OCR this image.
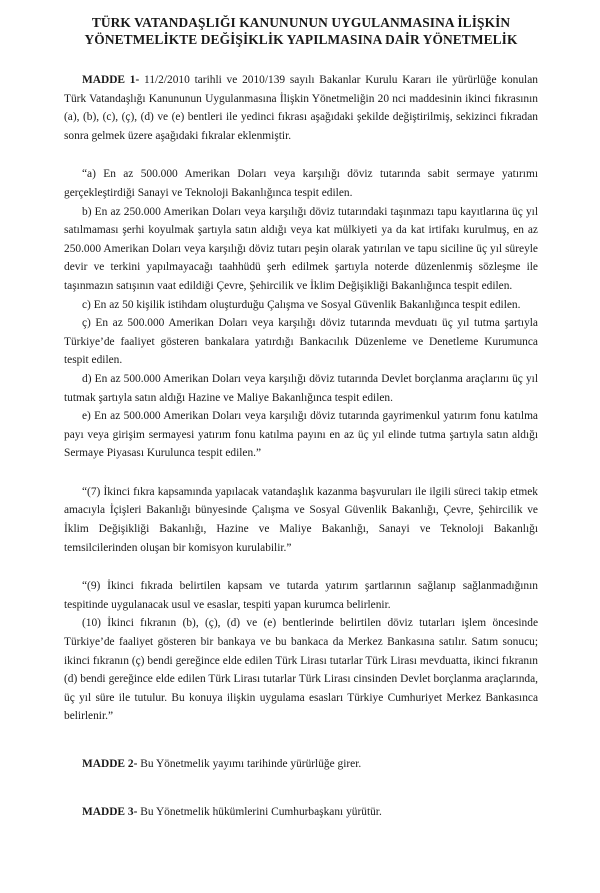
TÜRK VATANDAŞLIĞI KANUNUNUN UYGULANMASINA İLİŞKİN
YÖNETMELİKTE DEĞİŞİKLİK YAPILMASINA DAİR YÖNETMELİK

MADDE 1- 11/2/2010 tarihli ve 2010/139 sayılı Bakanlar Kurulu Kararı ile yürürlüğe konulan Türk Vatandaşlığı Kanununun Uygulanmasına İlişkin Yönetmeliğin 20 nci maddesinin ikinci fıkrasının (a), (b), (c), (ç), (d) ve (e) bentleri ile yedinci fıkrası aşağıdaki şekilde değiştirilmiş, sekizinci fıkradan sonra gelmek üzere aşağıdaki fıkralar eklenmiştir.

“a) En az 500.000 Amerikan Doları veya karşılığı döviz tutarında sabit sermaye yatırımı gerçekleştirdiği Sanayi ve Teknoloji Bakanlığınca tespit edilen.

b) En az 250.000 Amerikan Doları veya karşılığı döviz tutarındaki taşınmazı tapu kayıtlarına üç yıl satılmaması şerhi koyulmak şartıyla satın aldığı veya kat mülkiyeti ya da kat irtifakı kurulmuş, en az 250.000 Amerikan Doları veya karşılığı döviz tutarı peşin olarak yatırılan ve tapu siciline üç yıl süreyle devir ve terkini yapılmayacağı taahhüdü şerh edilmek şartıyla noterde düzenlenmiş sözleşme ile taşınmazın satışının vaat edildiği Çevre, Şehircilik ve İklim Değişikliği Bakanlığınca tespit edilen.

c) En az 50 kişilik istihdam oluşturduğu Çalışma ve Sosyal Güvenlik Bakanlığınca tespit edilen.

ç) En az 500.000 Amerikan Doları veya karşılığı döviz tutarında mevduatı üç yıl tutma şartıyla Türkiye’de faaliyet gösteren bankalara yatırdığı Bankacılık Düzenleme ve Denetleme Kurumunca tespit edilen.

d) En az 500.000 Amerikan Doları veya karşılığı döviz tutarında Devlet borçlanma araçlarını üç yıl tutmak şartıyla satın aldığı Hazine ve Maliye Bakanlığınca tespit edilen.

e) En az 500.000 Amerikan Doları veya karşılığı döviz tutarında gayrimenkul yatırım fonu katılma payı veya girişim sermayesi yatırım fonu katılma payını en az üç yıl elinde tutma şartıyla satın aldığı Sermaye Piyasası Kurulunca tespit edilen.”

“(7) İkinci fıkra kapsamında yapılacak vatandaşlık kazanma başvuruları ile ilgili süreci takip etmek amacıyla İçişleri Bakanlığı bünyesinde Çalışma ve Sosyal Güvenlik Bakanlığı, Çevre, Şehircilik ve İklim Değişikliği Bakanlığı, Hazine ve Maliye Bakanlığı, Sanayi ve Teknoloji Bakanlığı temsilcilerinden oluşan bir komisyon kurulabilir.”

“(9) İkinci fıkrada belirtilen kapsam ve tutarda yatırım şartlarının sağlanıp sağlanmadığının tespitinde uygulanacak usul ve esaslar, tespiti yapan kurumca belirlenir.

(10) İkinci fıkranın (b), (ç), (d) ve (e) bentlerinde belirtilen döviz tutarları işlem öncesinde Türkiye’de faaliyet gösteren bir bankaya ve bu bankaca da Merkez Bankasına satılır. Satım sonucu; ikinci fıkranın (ç) bendi gereğince elde edilen Türk Lirası tutarlar Türk Lirası mevduatta, ikinci fıkranın (d) bendi gereğince elde edilen Türk Lirası tutarlar Türk Lirası cinsinden Devlet borçlanma araçlarında, üç yıl süre ile tutulur. Bu konuya ilişkin uygulama esasları Türkiye Cumhuriyet Merkez Bankasınca belirlenir.”

MADDE 2- Bu Yönetmelik yayımı tarihinde yürürlüğe girer.

MADDE 3- Bu Yönetmelik hükümlerini Cumhurbaşkanı yürütür.
